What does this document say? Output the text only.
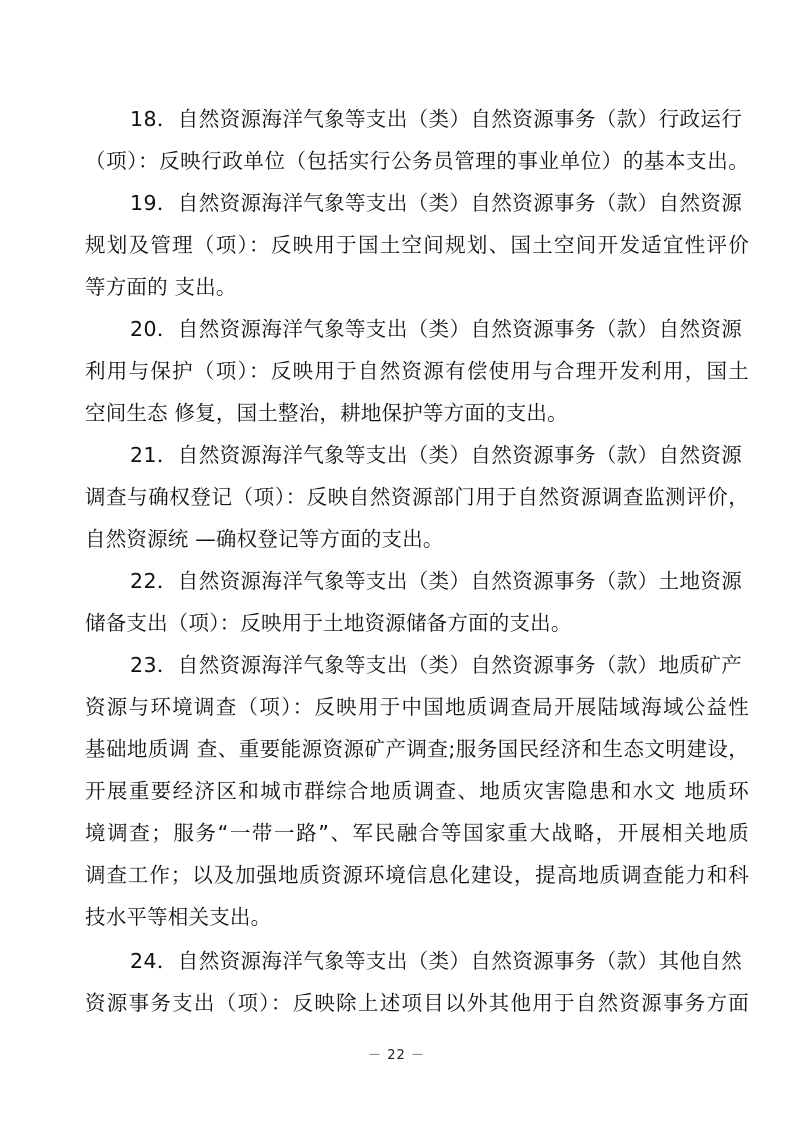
18．自然资源海洋气象等支出（类）自然资源事务（款）行政运行
（项）：反映行政单位（包括实行公务员管理的事业单位）的基本支出。
19．自然资源海洋气象等支出（类）自然资源事务（款）自然资源
规划及管理（项）：反映用于国土空间规划、国土空间开发适宜性评价
等方面的 支出。
20．自然资源海洋气象等支出（类）自然资源事务（款）自然资源
利用与保护（项）：反映用于自然资源有偿使用与合理开发利用，国土
空间生态 修复，国土整治，耕地保护等方面的支出。
21．自然资源海洋气象等支出（类）自然资源事务（款）自然资源
调查与确权登记（项）：反映自然资源部门用于自然资源调查监测评价，
自然资源统 —确权登记等方面的支出。
22．自然资源海洋气象等支出（类）自然资源事务（款）土地资源
储备支出（项）：反映用于土地资源储备方面的支出。
23．自然资源海洋气象等支出（类）自然资源事务（款）地质矿产
资源与环境调查（项）：反映用于中国地质调查局开展陆域海域公益性
基础地质调 查、重要能源资源矿产调查;服务国民经济和生态文明建设，
开展重要经济区和城市群综合地质调查、地质灾害隐患和水文 地质环
境调查；服务“一带一路”、军民融合等国家重大战略，开展相关地质
调查工作；以及加强地质资源环境信息化建设，提高地质调查能力和科
技水平等相关支出。
24．自然资源海洋气象等支出（类）自然资源事务（款）其他自然
资源事务支出（项）：反映除上述项目以外其他用于自然资源事务方面
－ 22 －
